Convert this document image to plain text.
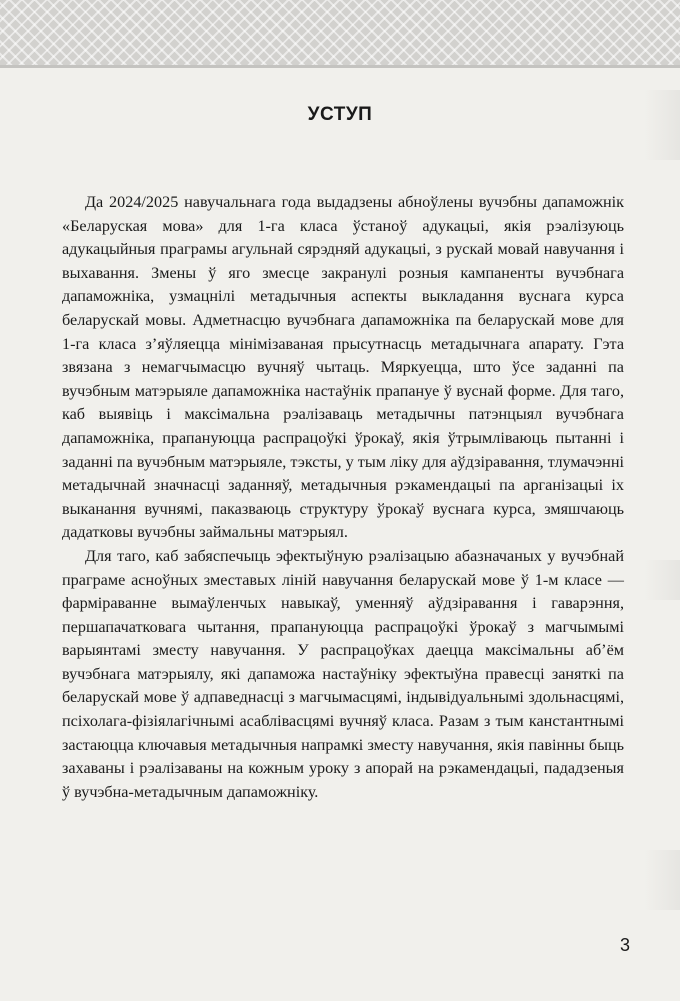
УСТУП

Да 2024/2025 навучальнага года выдадзены абноўлены вучэбны дапаможнік «Беларуская мова» для 1-га класа ўстаноў адукацыі, якія рэалізуюць адукацыйныя праграмы агульнай сярэдняй адукацыі, з рускай мовай навучання і выхавання. Змены ў яго змесце закранулі розныя кампаненты вучэбнага дапаможніка, узмацнілі метадычныя аспекты выкладання вуснага курса беларускай мовы. Адметнасцю вучэбнага дапаможніка па беларускай мове для 1-га класа з’яўляецца мінімізаваная прысутнасць метадычнага апарату. Гэта звязана з немагчымасцю вучняў чытаць. Мяркуецца, што ўсе заданні па вучэбным матэрыяле дапаможніка настаўнік прапануе ў вуснай форме. Для таго, каб выявіць і максімальна рэалізаваць метадычны патэнцыял вучэбнага дапаможніка, прапануюцца распрацоўкі ўрокаў, якія ўтрымліваюць пытанні і заданні па вучэбным матэрыяле, тэксты, у тым ліку для аўдзіравання, тлумачэнні метадычнай значнасці заданняў, метадычныя рэкамендацыі па арганізацыі іх выканання вучнямі, паказваюць структуру ўрокаў вуснага курса, змяшчаюць дадатковы вучэбны займальны матэрыял.

Для таго, каб забяспечыць эфектыўную рэалізацыю абазначаных у вучэбнай праграме асноўных зместавых ліній навучання беларускай мове ў 1-м класе — фарміраванне вымаўленчых навыкаў, уменняў аўдзіравання і гаварэння, першапачатковага чытання, прапануюцца распрацоўкі ўрокаў з магчымымі варыянтамі зместу навучання. У распрацоўках даецца максімальны аб’ём вучэбнага матэрыялу, які дапаможа настаўніку эфектыўна правесці заняткі па беларускай мове ў адпаведнасці з магчымасцямі, індывідуальнымі здольнасцямі, псіхолага-фізіялагічнымі асаблівасцямі вучняў класа. Разам з тым канстантнымі застаюцца ключавыя метадычныя напрамкі зместу навучання, якія павінны быць захаваны і рэалізаваны на кожным уроку з апорай на рэкамендацыі, пададзеныя ў вучэбна-метадычным дапаможніку.

3
